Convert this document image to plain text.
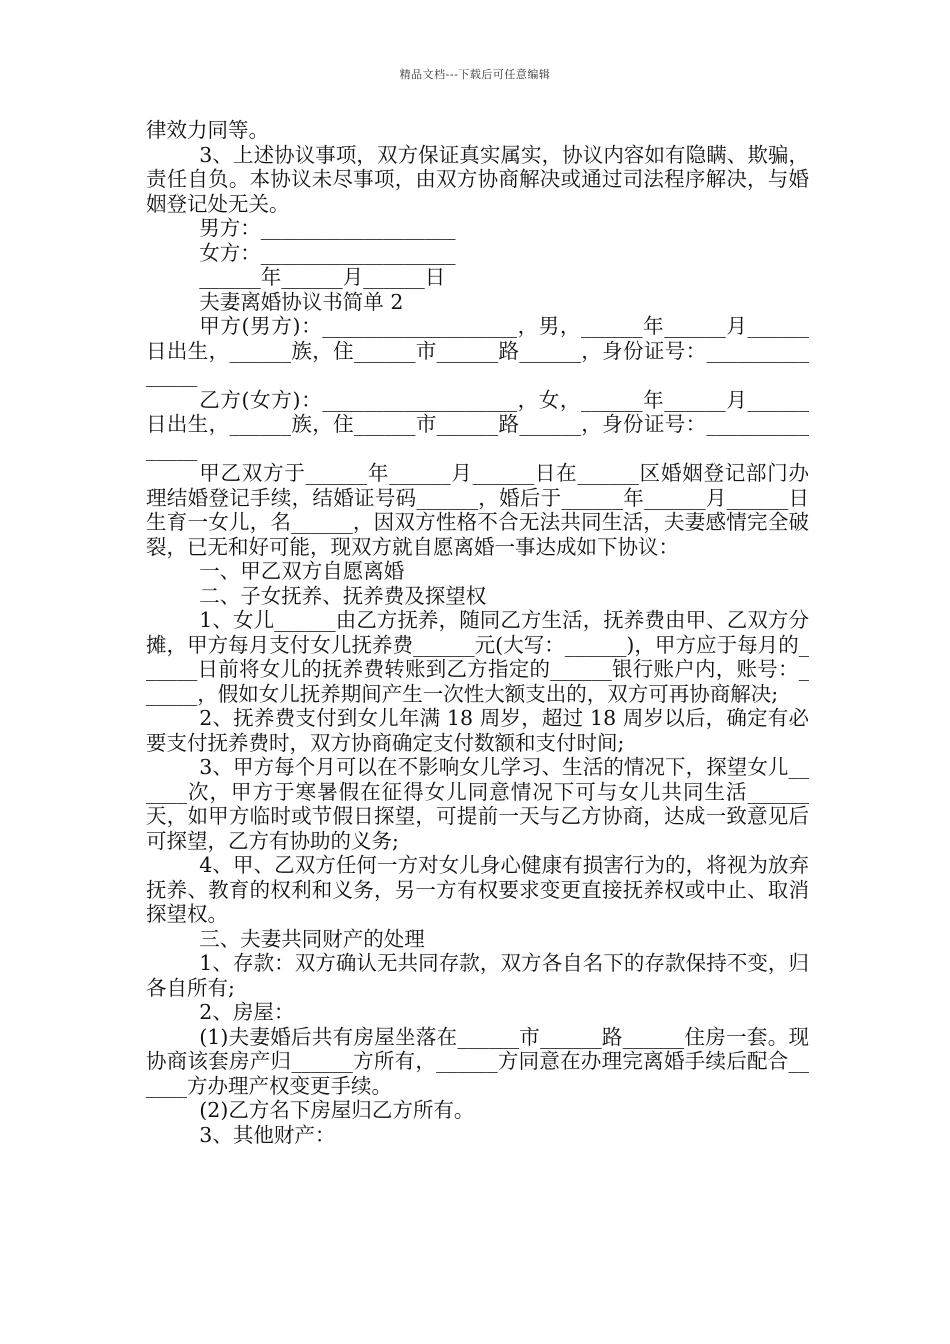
精品文档---下载后可任意编辑

律效力同等。

3、上述协议事项，双方保证真实属实，协议内容如有隐瞒、欺骗，责任自负。本协议未尽事项，由双方协商解决或通过司法程序解决，与婚姻登记处无关。

男方：___________________

女方：___________________

______年______月______日

夫妻离婚协议书简单 2

甲方(男方)：___________________，男，______年______月______日出生，______族，住______市______路______，身份证号：_______________

乙方(女方)：___________________，女，______年______月______日出生，______族，住______市______路______，身份证号：_______________

甲乙双方于______年______月______日在______区婚姻登记部门办理结婚登记手续，结婚证号码______，婚后于______年______月______日生育一女儿，名______，因双方性格不合无法共同生活，夫妻感情完全破裂，已无和好可能，现双方就自愿离婚一事达成如下协议：

一、甲乙双方自愿离婚

二、子女抚养、抚养费及探望权

1、女儿______由乙方抚养，随同乙方生活，抚养费由甲、乙双方分摊，甲方每月支付女儿抚养费______元(大写：______)，甲方应于每月的______日前将女儿的抚养费转账到乙方指定的______银行账户内，账号：______，假如女儿抚养期间产生一次性大额支出的，双方可再协商解决;

2、抚养费支付到女儿年满 18 周岁，超过 18 周岁以后，确定有必要支付抚养费时，双方协商确定支付数额和支付时间;

3、甲方每个月可以在不影响女儿学习、生活的情况下，探望女儿______次，甲方于寒暑假在征得女儿同意情况下可与女儿共同生活______天，如甲方临时或节假日探望，可提前一天与乙方协商，达成一致意见后可探望，乙方有协助的义务;

4、甲、乙双方任何一方对女儿身心健康有损害行为的，将视为放弃抚养、教育的权利和义务，另一方有权要求变更直接抚养权或中止、取消探望权。

三、夫妻共同财产的处理

1、存款：双方确认无共同存款，双方各自名下的存款保持不变，归各自所有;

2、房屋：

(1)夫妻婚后共有房屋坐落在______市______路______住房一套。现协商该套房产归______方所有，______方同意在办理完离婚手续后配合______方办理产权变更手续。

(2)乙方名下房屋归乙方所有。

3、其他财产：
